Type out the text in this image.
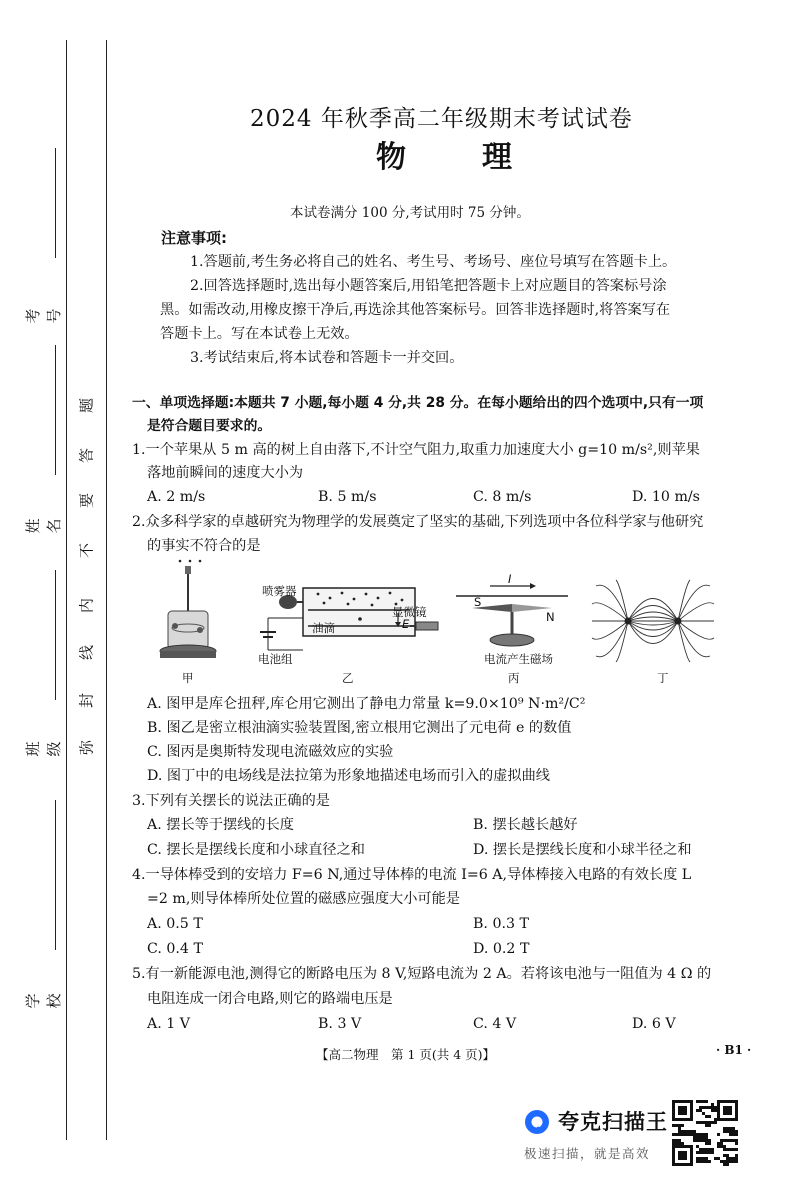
考号
姓名
班级
学校
题
答
要
不
内
线
封
弥
2024 年秋季高二年级期末考试试卷
物	理
本试卷满分 100 分,考试用时 75 分钟。
注意事项:
1.答题前,考生务必将自己的姓名、考生号、考场号、座位号填写在答题卡上。
2.回答选择题时,选出每小题答案后,用铅笔把答题卡上对应题目的答案标号涂
黑。如需改动,用橡皮擦干净后,再选涂其他答案标号。回答非选择题时,将答案写在
答题卡上。写在本试卷上无效。
3.考试结束后,将本试卷和答题卡一并交回。
一、单项选择题:本题共 7 小题,每小题 4 分,共 28 分。在每小题给出的四个选项中,只有一项
是符合题目要求的。
1.一个苹果从 5 m 高的树上自由落下,不计空气阻力,取重力加速度大小 g=10 m/s²,则苹果
落地前瞬间的速度大小为
A. 2 m/s	B. 5 m/s	C. 8 m/s	D. 10 m/s
2.众多科学家的卓越研究为物理学的发展奠定了坚实的基础,下列选项中各位科学家与他研究
的事实不符合的是
甲
喷雾器
油滴	E
显微镜
电池组
乙
I
S
N
电流产生磁场
丙	丁
A. 图甲是库仑扭秤,库仑用它测出了静电力常量 k=9.0×10⁹ N·m²/C²
B. 图乙是密立根油滴实验装置图,密立根用它测出了元电荷 e 的数值
C. 图丙是奥斯特发现电流磁效应的实验
D. 图丁中的电场线是法拉第为形象地描述电场而引入的虚拟曲线
3.下列有关摆长的说法正确的是
A. 摆长等于摆线的长度	B. 摆长越长越好
C. 摆长是摆线长度和小球直径之和	D. 摆长是摆线长度和小球半径之和
4.一导体棒受到的安培力 F=6 N,通过导体棒的电流 I=6 A,导体棒接入电路的有效长度 L
=2 m,则导体棒所处位置的磁感应强度大小可能是
A. 0.5 T	B. 0.3 T
C. 0.4 T	D. 0.2 T
5.有一新能源电池,测得它的断路电压为 8 V,短路电流为 2 A。若将该电池与一阻值为 4 Ω 的
电阻连成一闭合电路,则它的路端电压是
A. 1 V	B. 3 V	C. 4 V	D. 6 V
【高二物理　第 1 页(共 4 页)】	· B1 ·
夸克扫描王
极速扫描，就是高效
